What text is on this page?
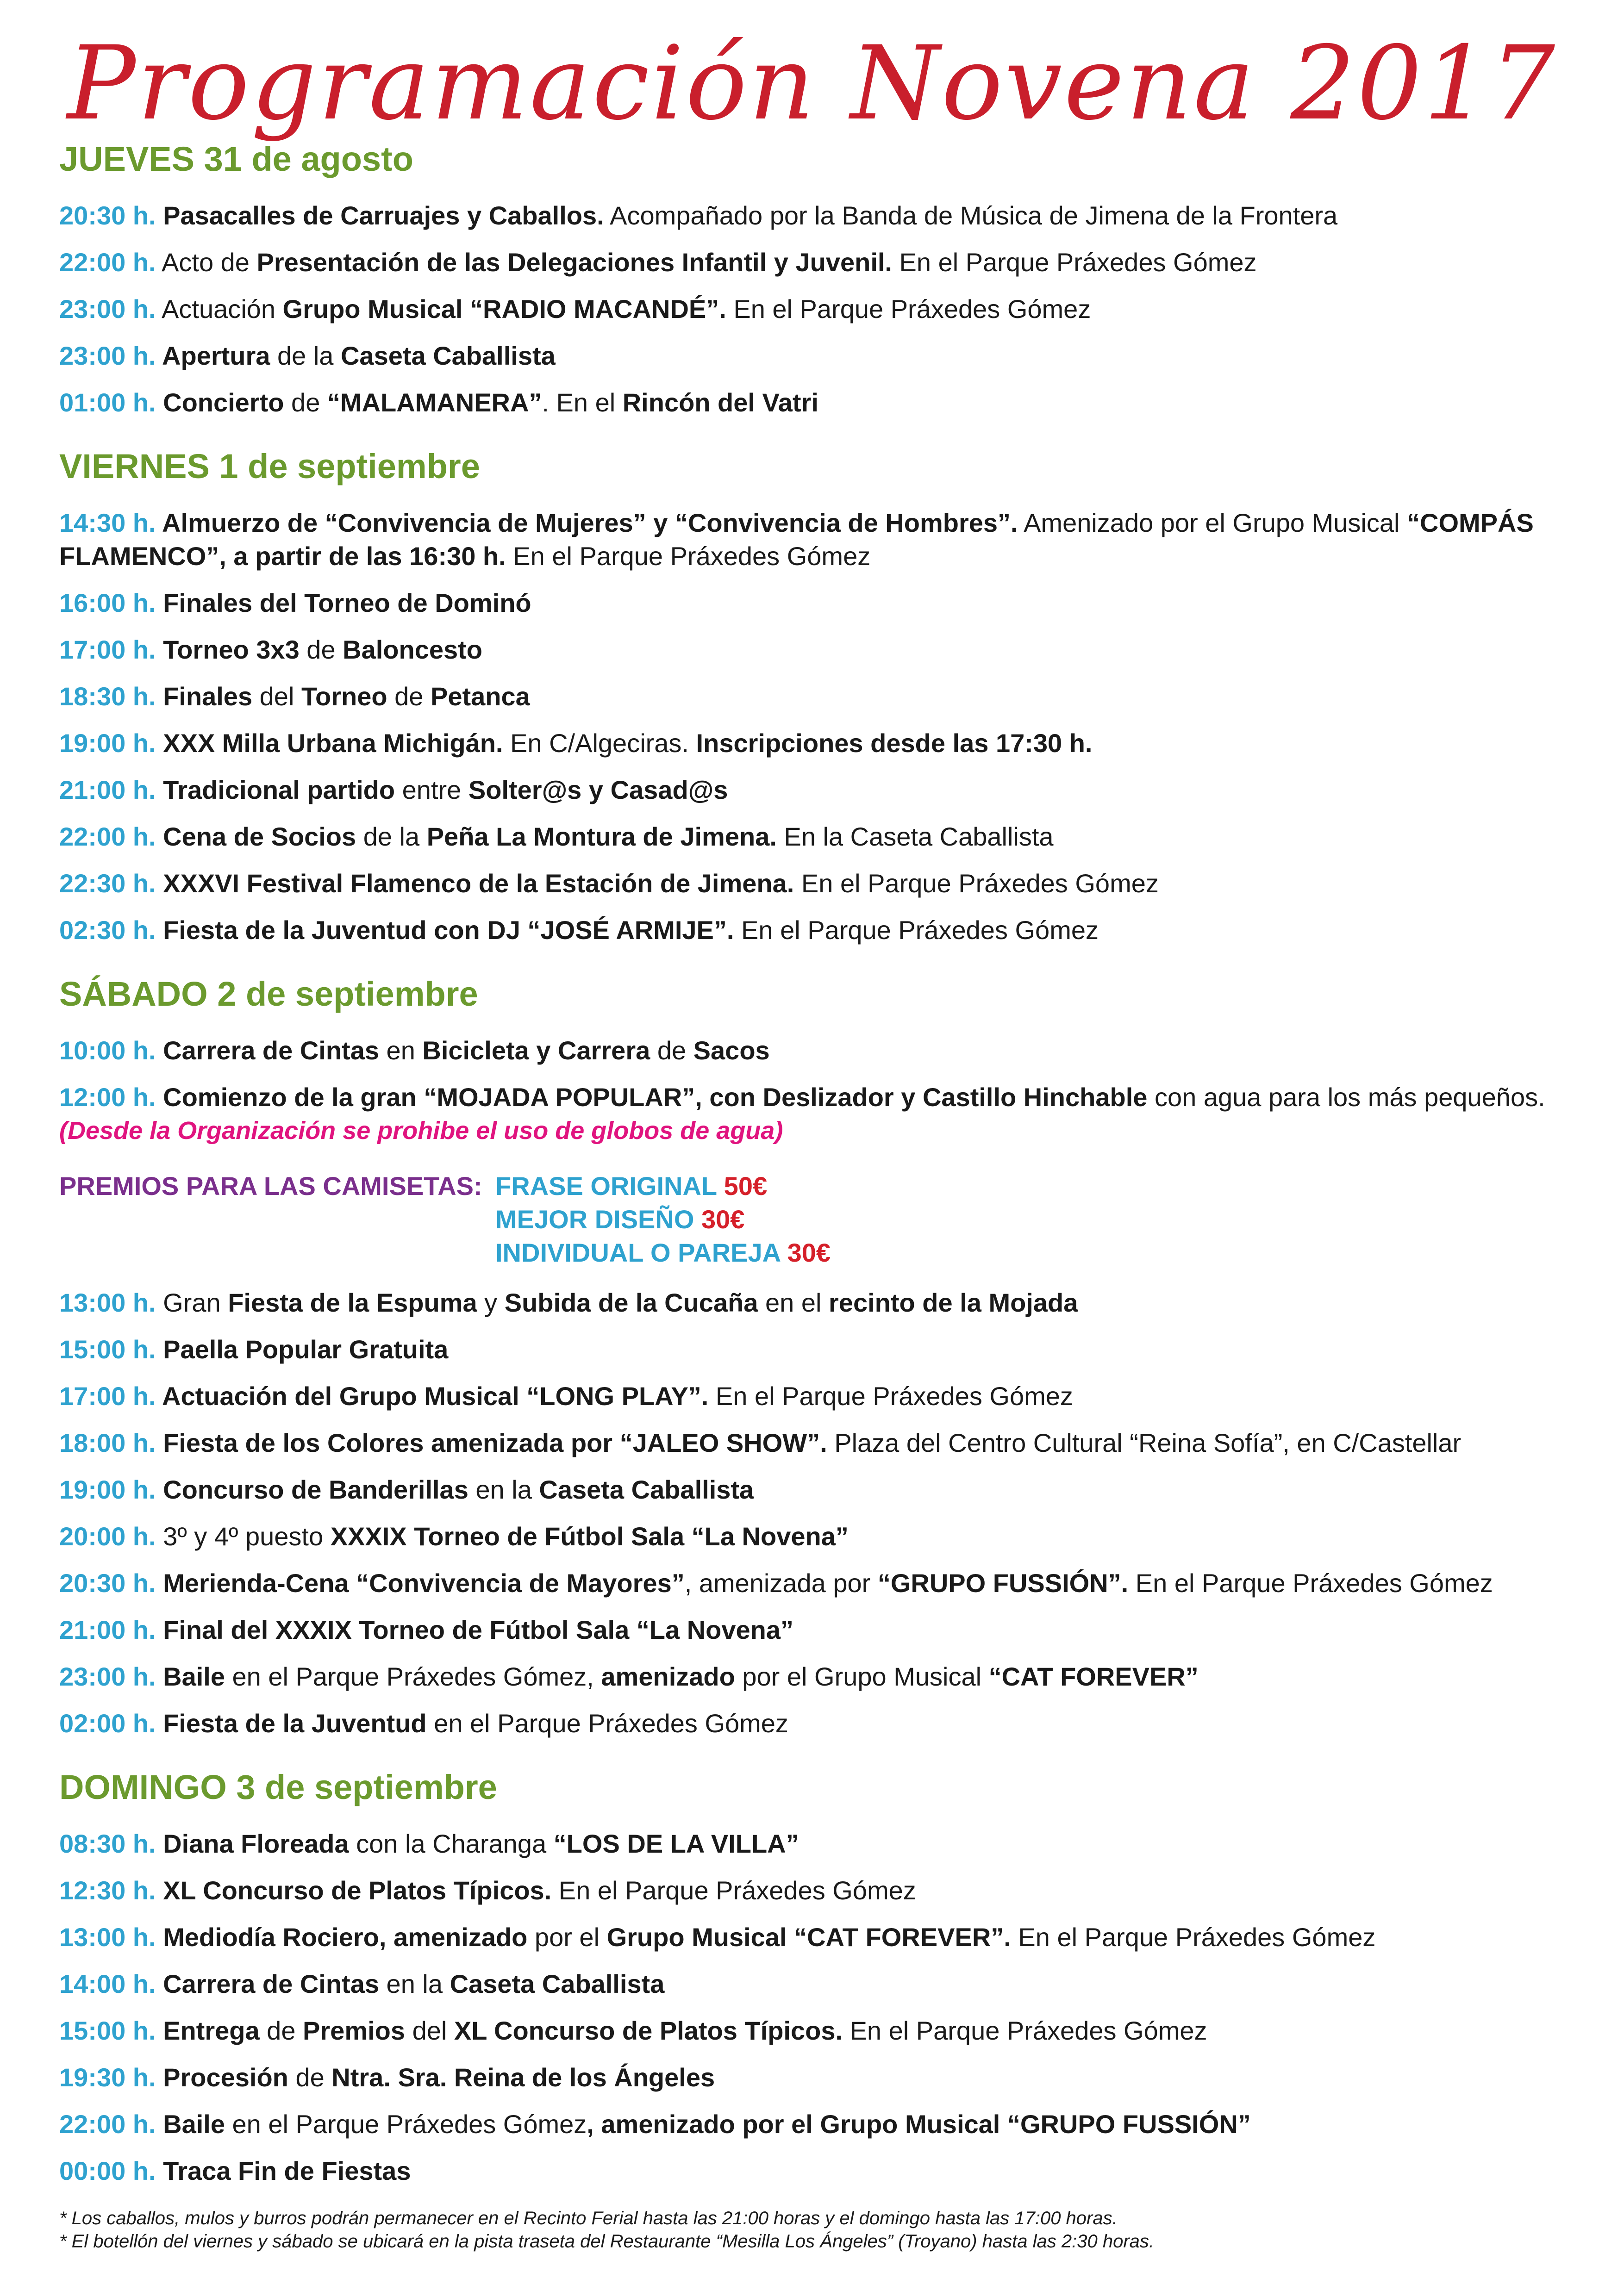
Programación Novena 2017
JUEVES 31 de agosto

20:30 h. Pasacalles de Carruajes y Caballos. Acompañado por la Banda de Música de Jimena de la Frontera

22:00 h. Acto de Presentación de las Delegaciones Infantil y Juvenil. En el Parque Práxedes Gómez

23:00 h. Actuación Grupo Musical “RADIO MACANDÉ”. En el Parque Práxedes Gómez

23:00 h. Apertura de la Caseta Caballista

01:00 h. Concierto de “MALAMANERA”. En el Rincón del Vatri

VIERNES 1 de septiembre

14:30 h. Almuerzo de “Convivencia de Mujeres” y “Convivencia de Hombres”. Amenizado por el Grupo Musical “COMPÁS FLAMENCO”, a partir de las 16:30 h. En el Parque Práxedes Gómez

16:00 h. Finales del Torneo de Dominó

17:00 h. Torneo 3x3 de Baloncesto

18:30 h. Finales del Torneo de Petanca

19:00 h. XXX Milla Urbana Michigán. En C/Algeciras. Inscripciones desde las 17:30 h.

21:00 h. Tradicional partido entre Solter@s y Casad@s

22:00 h. Cena de Socios de la Peña La Montura de Jimena. En la Caseta Caballista

22:30 h. XXXVI Festival Flamenco de la Estación de Jimena. En el Parque Práxedes Gómez

02:30 h. Fiesta de la Juventud con DJ “JOSÉ ARMIJE”. En el Parque Práxedes Gómez

SÁBADO 2 de septiembre

10:00 h. Carrera de Cintas en Bicicleta y Carrera de Sacos

12:00 h. Comienzo de la gran “MOJADA POPULAR”, con Deslizador y Castillo Hinchable con agua para los más pequeños.

(Desde la Organización se prohibe el uso de globos de agua)

PREMIOS PARA LAS CAMISETAS: FRASE ORIGINAL 50€
MEJOR DISEÑO 30€
INDIVIDUAL O PAREJA 30€

13:00 h. Gran Fiesta de la Espuma y Subida de la Cucaña en el recinto de la Mojada

15:00 h. Paella Popular Gratuita

17:00 h. Actuación del Grupo Musical “LONG PLAY”. En el Parque Práxedes Gómez

18:00 h. Fiesta de los Colores amenizada por “JALEO SHOW”. Plaza del Centro Cultural “Reina Sofía”, en C/Castellar

19:00 h. Concurso de Banderillas en la Caseta Caballista

20:00 h. 3º y 4º puesto XXXIX Torneo de Fútbol Sala “La Novena”

20:30 h. Merienda-Cena “Convivencia de Mayores”, amenizada por “GRUPO FUSSIÓN”. En el Parque Práxedes Gómez

21:00 h. Final del XXXIX Torneo de Fútbol Sala “La Novena”

23:00 h. Baile en el Parque Práxedes Gómez, amenizado por el Grupo Musical “CAT FOREVER”

02:00 h. Fiesta de la Juventud en el Parque Práxedes Gómez

DOMINGO 3 de septiembre

08:30 h. Diana Floreada con la Charanga “LOS DE LA VILLA”

12:30 h. XL Concurso de Platos Típicos. En el Parque Práxedes Gómez

13:00 h. Mediodía Rociero, amenizado por el Grupo Musical “CAT FOREVER”. En el Parque Práxedes Gómez

14:00 h. Carrera de Cintas en la Caseta Caballista

15:00 h. Entrega de Premios del XL Concurso de Platos Típicos. En el Parque Práxedes Gómez

19:30 h. Procesión de Ntra. Sra. Reina de los Ángeles

22:00 h. Baile en el Parque Práxedes Gómez, amenizado por el Grupo Musical “GRUPO FUSSIÓN”

00:00 h. Traca Fin de Fiestas

* Los caballos, mulos y burros podrán permanecer en el Recinto Ferial hasta las 21:00 horas y el domingo hasta las 17:00 horas.

* El botellón del viernes y sábado se ubicará en la pista traseta del Restaurante “Mesilla Los Ángeles” (Troyano) hasta las 2:30 horas.
